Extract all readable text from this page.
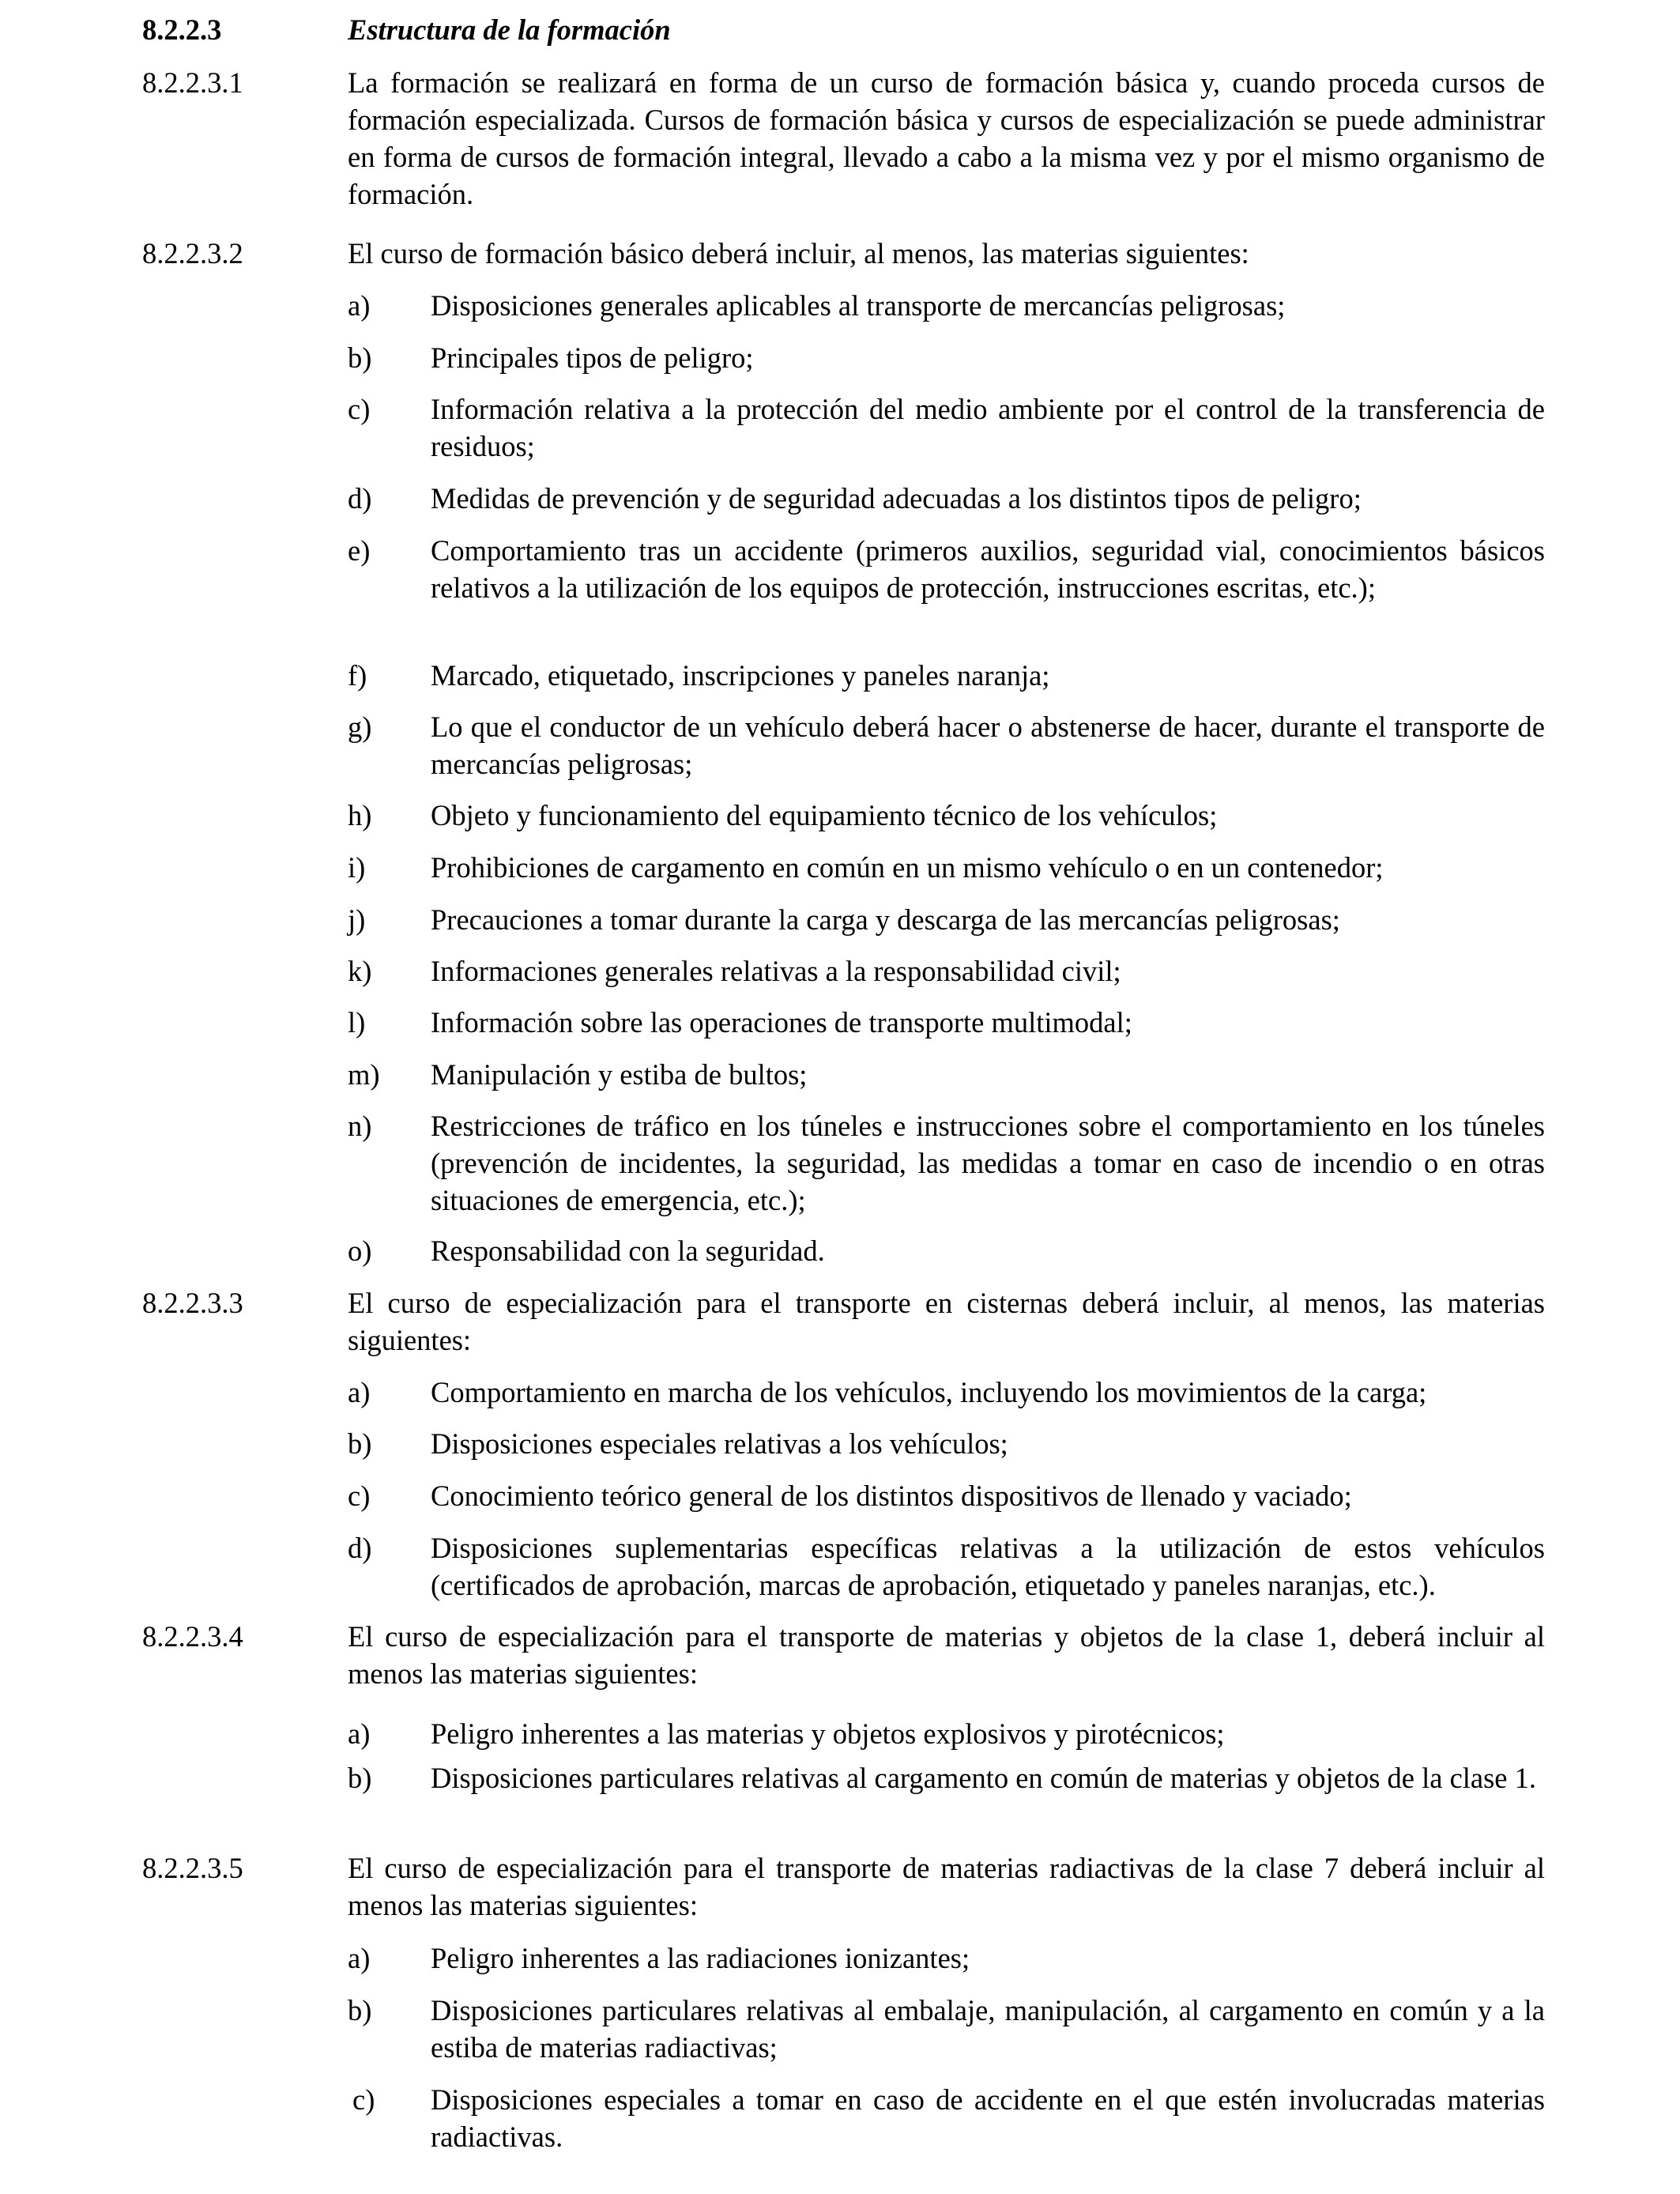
8.2.2.3	Estructura de la formación
8.2.2.3.1	La formación se realizará en forma de un curso de formación básica y, cuando proceda cursos de formación especializada. Cursos de formación básica y cursos de especialización se puede administrar en forma de cursos de formación integral, llevado a cabo a la misma vez y por el mismo organismo de formación.
8.2.2.3.2	El curso de formación básico deberá incluir, al menos, las materias siguientes:
a) Disposiciones generales aplicables al transporte de mercancías peligrosas;
b) Principales tipos de peligro;
c) Información relativa a la protección del medio ambiente por el control de la transferencia de residuos;
d) Medidas de prevención y de seguridad adecuadas a los distintos tipos de peligro;
e) Comportamiento tras un accidente (primeros auxilios, seguridad vial, conocimientos básicos relativos a la utilización de los equipos de protección, instrucciones escritas, etc.);
f) Marcado, etiquetado, inscripciones y paneles naranja;
g) Lo que el conductor de un vehículo deberá hacer o abstenerse de hacer, durante el transporte de mercancías peligrosas;
h) Objeto y funcionamiento del equipamiento técnico de los vehículos;
i) Prohibiciones de cargamento en común en un mismo vehículo o en un contenedor;
j) Precauciones a tomar durante la carga y descarga de las mercancías peligrosas;
k) Informaciones generales relativas a la responsabilidad civil;
l) Información sobre las operaciones de transporte multimodal;
m) Manipulación y estiba de bultos;
n) Restricciones de tráfico en los túneles e instrucciones sobre el comportamiento en los túneles (prevención de incidentes, la seguridad, las medidas a tomar en caso de incendio o en otras situaciones de emergencia, etc.);
o) Responsabilidad con la seguridad.
8.2.2.3.3	El curso de especialización para el transporte en cisternas deberá incluir, al menos, las materias siguientes:
a) Comportamiento en marcha de los vehículos, incluyendo los movimientos de la carga;
b) Disposiciones especiales relativas a los vehículos;
c) Conocimiento teórico general de los distintos dispositivos de llenado y vaciado;
d) Disposiciones suplementarias específicas relativas a la utilización de estos vehículos (certificados de aprobación, marcas de aprobación, etiquetado y paneles naranjas, etc.).
8.2.2.3.4	El curso de especialización para el transporte de materias y objetos de la clase 1, deberá incluir al menos las materias siguientes:
a) Peligro inherentes a las materias y objetos explosivos y pirotécnicos;
b) Disposiciones particulares relativas al cargamento en común de materias y objetos de la clase 1.
8.2.2.3.5	El curso de especialización para el transporte de materias radiactivas de la clase 7 deberá incluir al menos las materias siguientes:
a) Peligro inherentes a las radiaciones ionizantes;
b) Disposiciones particulares relativas al embalaje, manipulación, al cargamento en común y a la estiba de materias radiactivas;
c) Disposiciones especiales a tomar en caso de accidente en el que estén involucradas materias radiactivas.
